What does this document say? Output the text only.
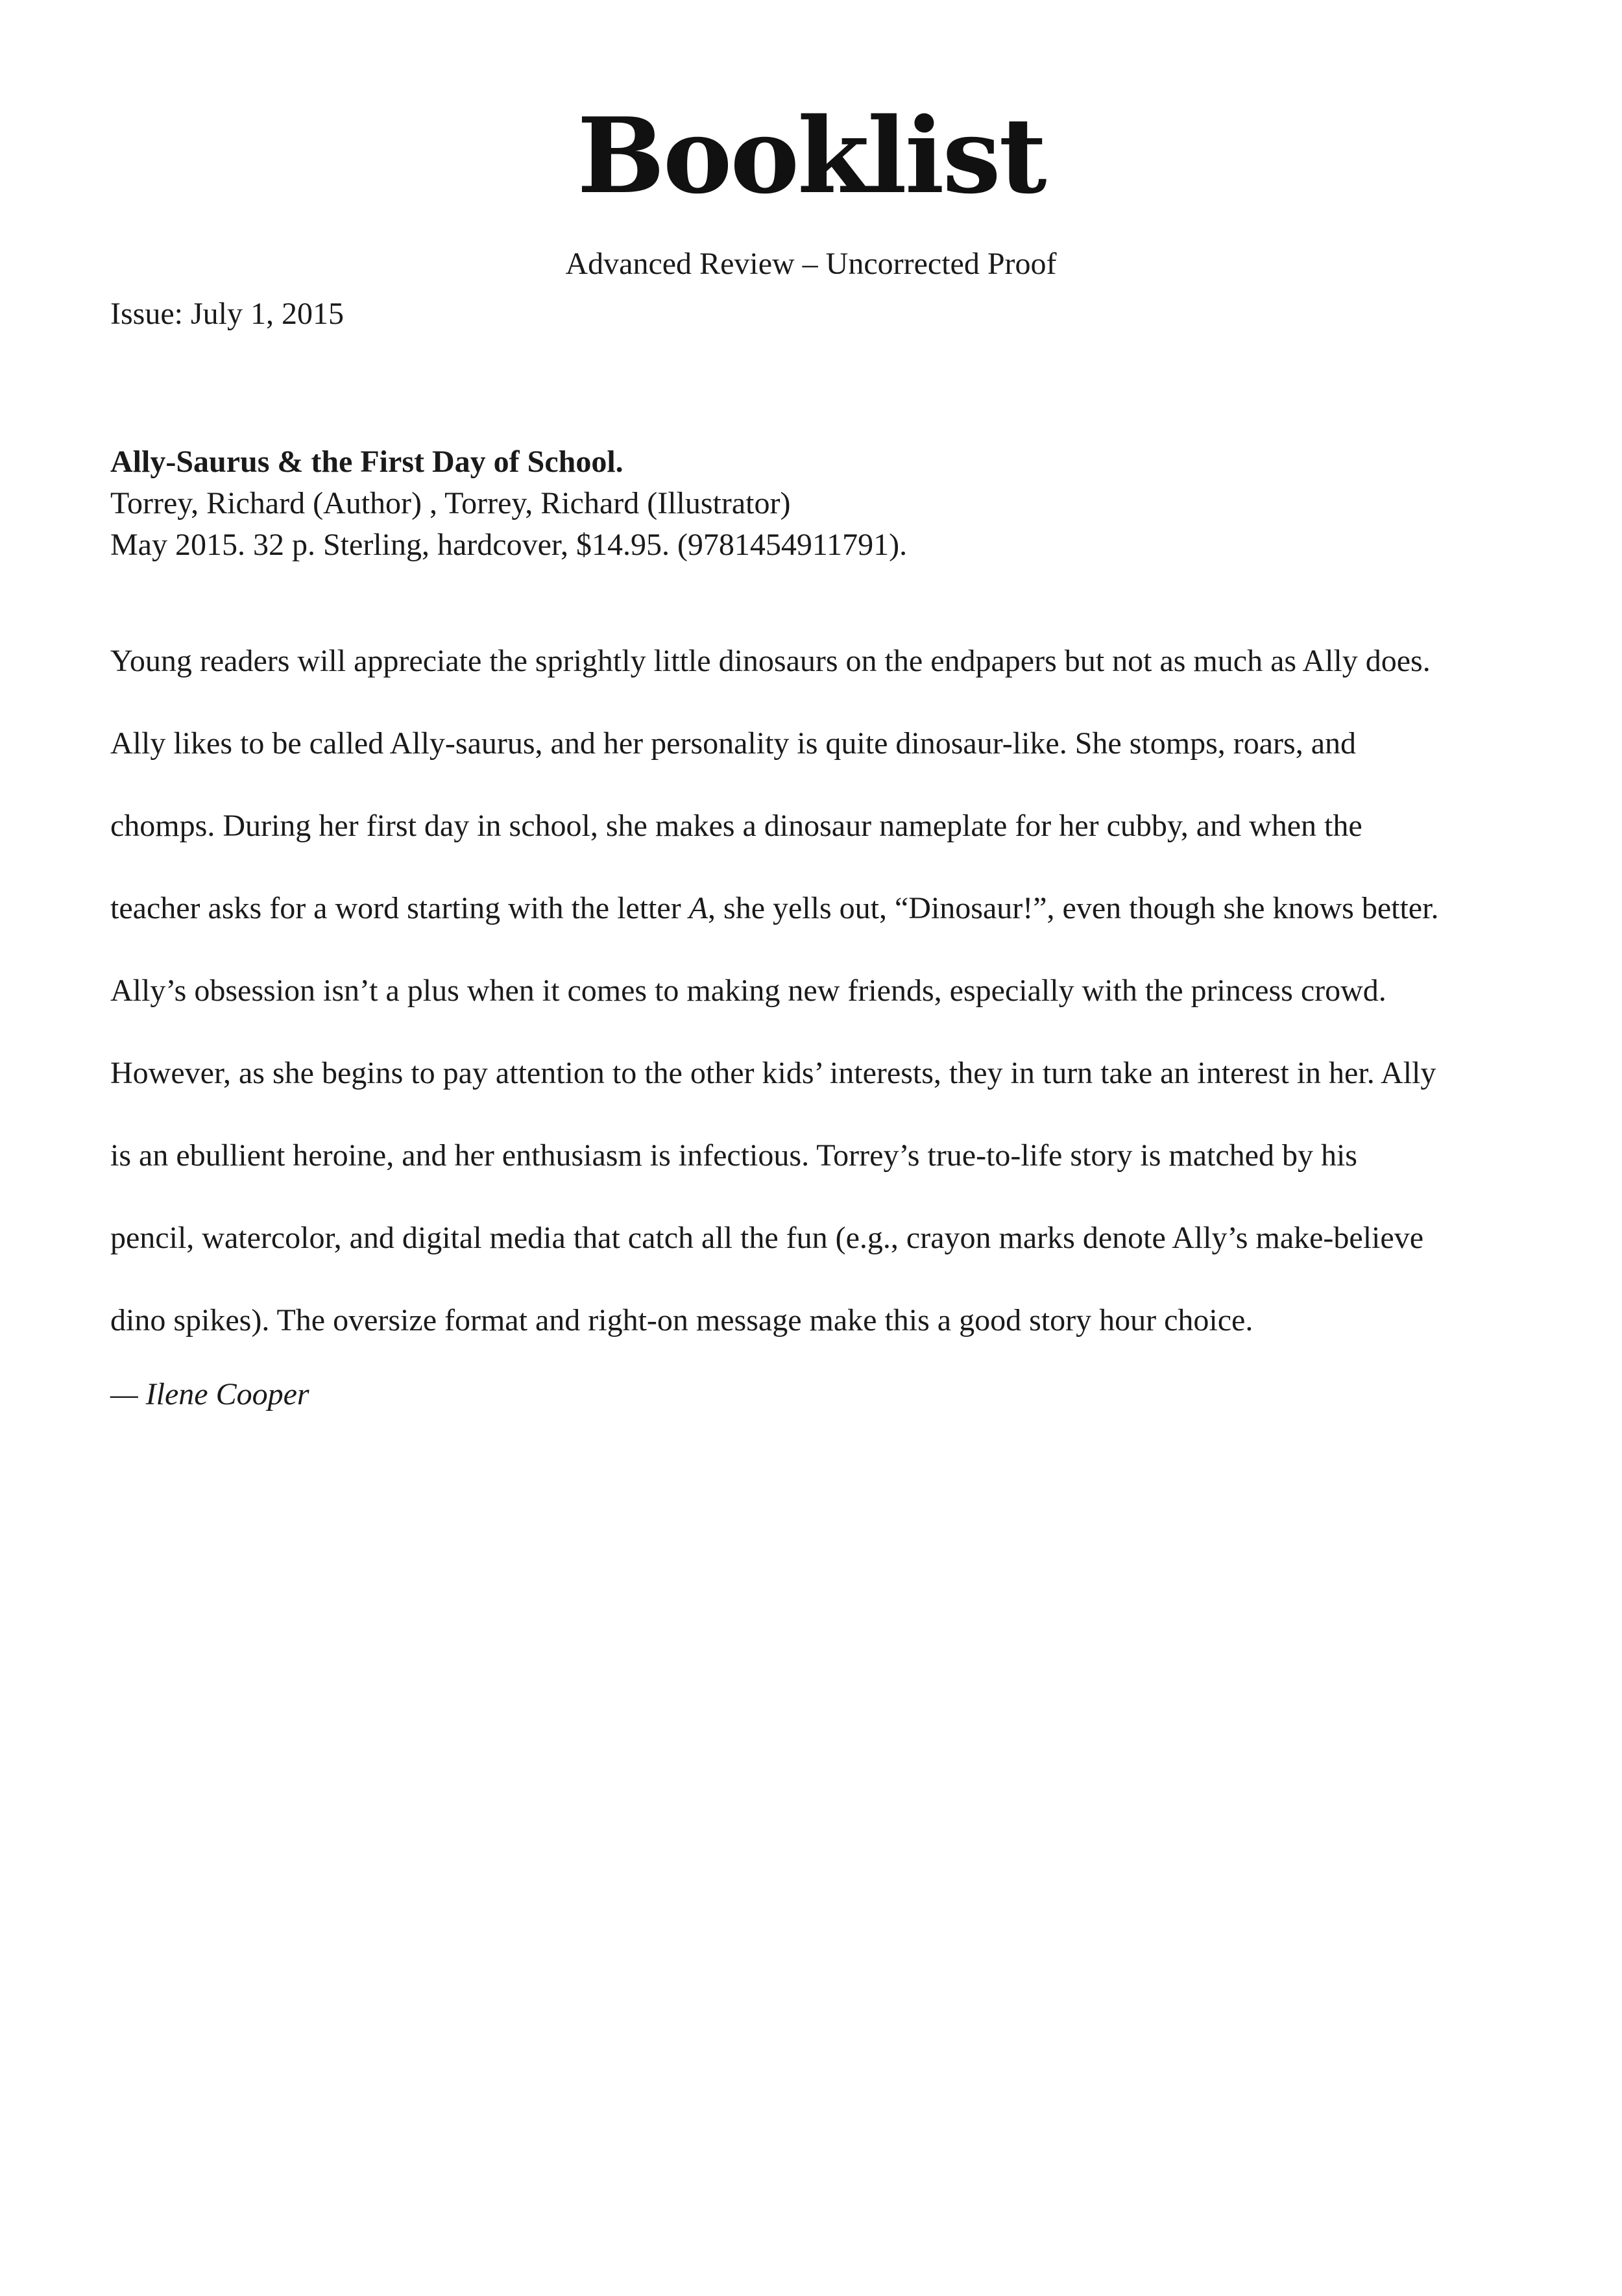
Booklist
Advanced Review – Uncorrected Proof
Issue: July 1, 2015
Ally-Saurus & the First Day of School.
Torrey, Richard (Author) , Torrey, Richard (Illustrator)
May 2015. 32 p. Sterling, hardcover, $14.95. (9781454911791).
Young readers will appreciate the sprightly little dinosaurs on the endpapers but not as much as Ally does.
Ally likes to be called Ally-saurus, and her personality is quite dinosaur-like. She stomps, roars, and
chomps. During her first day in school, she makes a dinosaur nameplate for her cubby, and when the
teacher asks for a word starting with the letter A, she yells out, “Dinosaur!”, even though she knows better.
Ally’s obsession isn’t a plus when it comes to making new friends, especially with the princess crowd.
However, as she begins to pay attention to the other kids’ interests, they in turn take an interest in her. Ally
is an ebullient heroine, and her enthusiasm is infectious. Torrey’s true-to-life story is matched by his
pencil, watercolor, and digital media that catch all the fun (e.g., crayon marks denote Ally’s make-believe
dino spikes). The oversize format and right-on message make this a good story hour choice.
— Ilene Cooper
